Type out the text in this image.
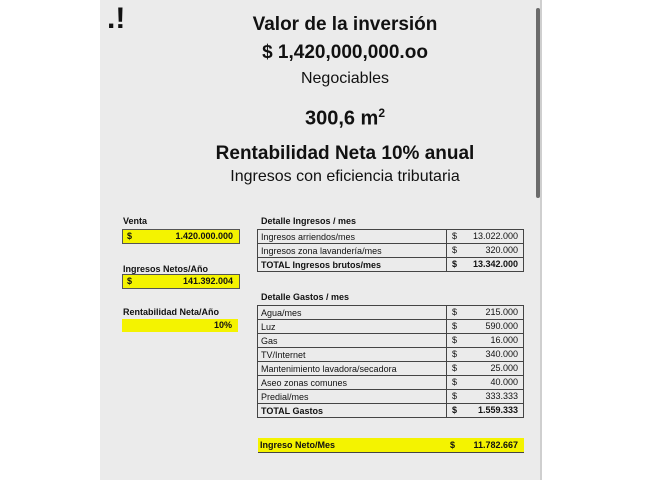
.!	Valor de la inversión
$ 1,420,000,000.oo
Negociables
300,6 $m^2$
Rentabilidad Neta 10% anual
Ingresos con eficiencia tributaria
Venta
$	1.420.000.000
Ingresos Netos/Año
$	141.392.004
Rentabilidad Neta/Año
10%
Detalle Ingresos / mes
Ingresos arriendos/mes	$ 13.022.000

Ingresos zona lavandería/mes	$ 320.000

TOTAL Ingresos brutos/mes	$ 13.342.000
Detalle Gastos / mes
Agua/mes	$ 215.000

Luz	$ 590.000

Gas	$ 16.000

TV/Internet	$ 340.000

Mantenimiento lavadora/secadora	$ 25.000

Aseo zonas comunes	$ 40.000

Predial/mes	$ 333.333

TOTAL Gastos	$ 1.559.333
Ingreso Neto/Mes	$ 11.782.667
